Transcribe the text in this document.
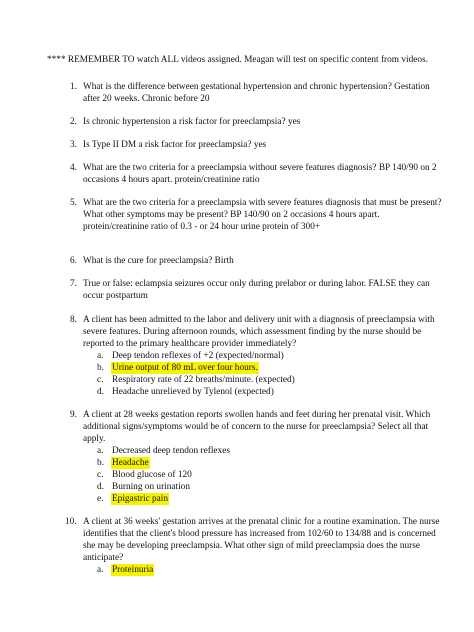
**** REMEMBER TO watch ALL videos assigned. Meagan will test on specific content from videos.
1. What is the difference between gestational hypertension and chronic hypertension? Gestation
after 20 weeks. Chronic before 20
2. Is chronic hypertension a risk factor for preeclampsia? yes
3. Is Type II DM a risk factor for preeclampsia? yes
4. What are the two criteria for a preeclampsia without severe features diagnosis? BP 140/90 on 2
occasions 4 hours apart. protein/creatinine ratio
5. What are the two criteria for a preeclampsia with severe features diagnosis that must be present?
What other symptoms may be present? BP 140/90 on 2 occasions 4 hours apart.
protein/creatinine ratio of 0.3 - or 24 hour urine protein of 300+
6. What is the cure for preeclampsia? Birth
7. True or false: eclampsia seizures occur only during prelabor or during labor. FALSE they can
occur postpartum
8. A client has been admitted to the labor and delivery unit with a diagnosis of preeclampsia with
severe features. During afternoon rounds, which assessment finding by the nurse should be
reported to the primary healthcare provider immediately?
a. Deep tendon reflexes of +2 (expected/normal)
b. Urine output of 80 mL over four hours.
c. Respiratory rate of 22 breaths/minute. (expected)
d. Headache unrelieved by Tylenol (expected)
9. A client at 28 weeks gestation reports swollen hands and feet during her prenatal visit. Which
additional signs/symptoms would be of concern to the nurse for preeclampsia? Select all that
apply.
a. Decreased deep tendon reflexes
b. Headache
c. Blood glucose of 120
d. Burning on urination
e. Epigastric pain
10. A client at 36 weeks' gestation arrives at the prenatal clinic for a routine examination. The nurse
identifies that the client's blood pressure has increased from 102/60 to 134/88 and is concerned
she may be developing preeclampsia. What other sign of mild preeclampsia does the nurse
anticipate?
a. Proteinuria
